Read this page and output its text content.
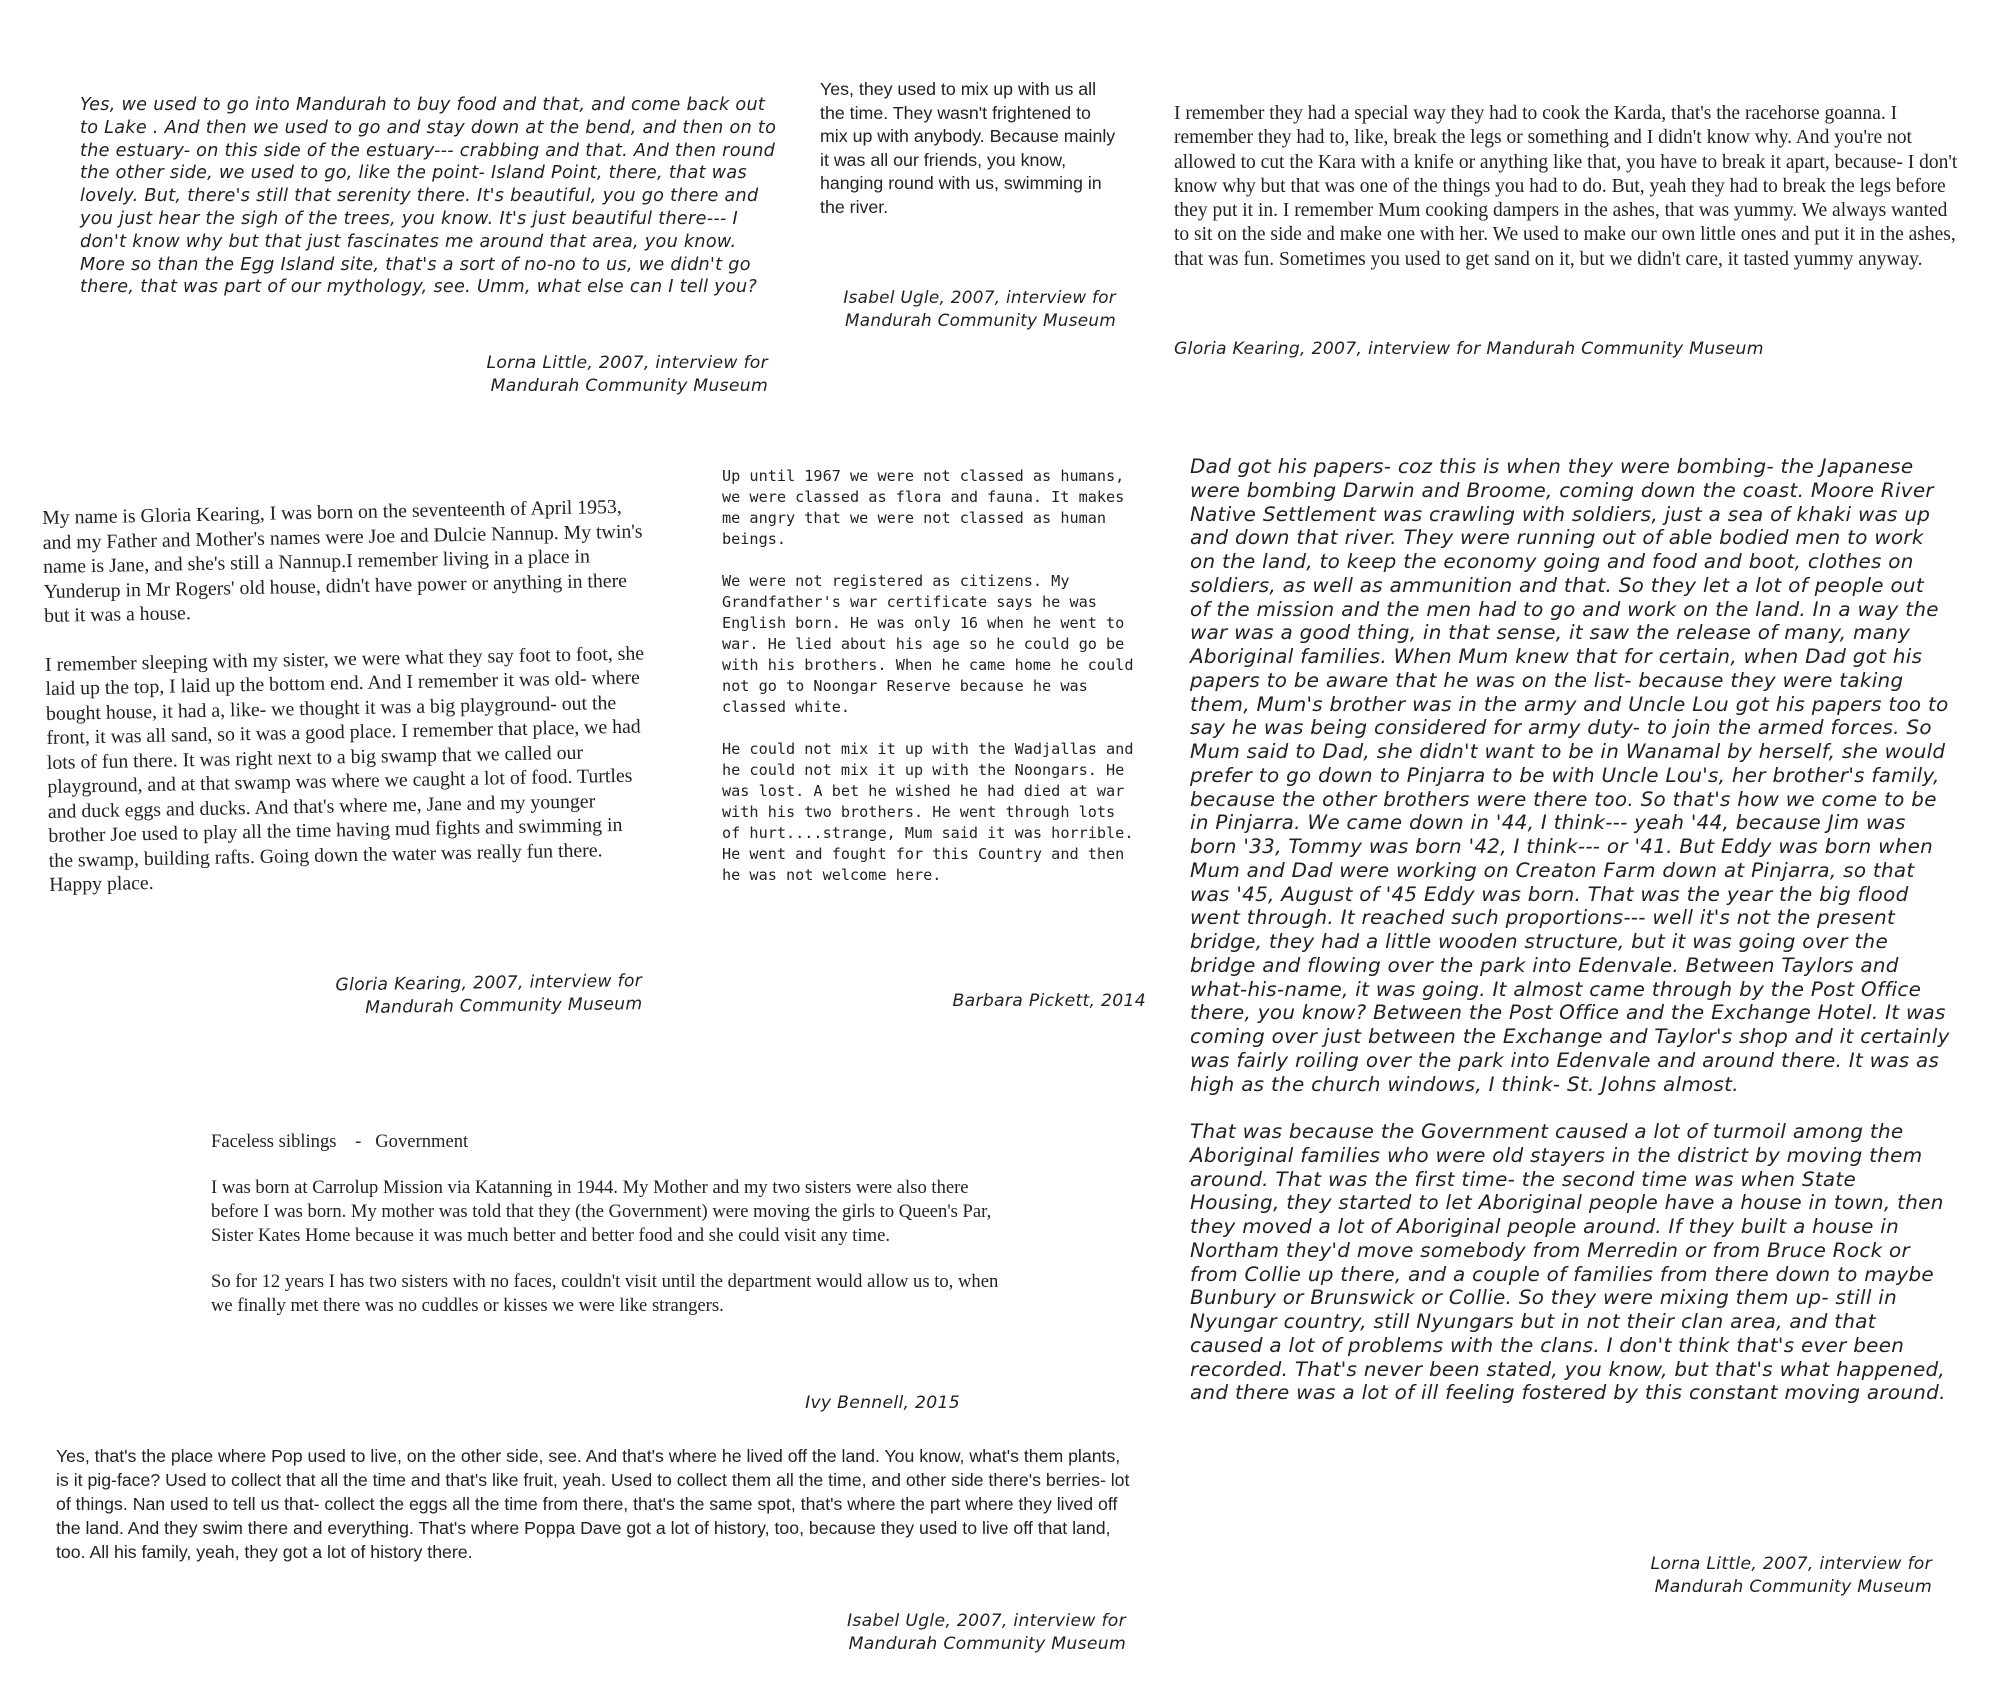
Yes, we used to go into Mandurah to buy food and that, and come back out to Lake . And then we used to go and stay down at the bend, and then on to the estuary- on this side of the estuary--- crabbing and that. And then round the other side, we used to go, like the point- Island Point, there, that was lovely. But, there's still that serenity there. It's beautiful, you go there and you just hear the sigh of the trees, you know. It's just beautiful there--- I don't know why but that just fascinates me around that area, you know. More so than the Egg Island site, that's a sort of no-no to us, we didn't go there, that was part of our mythology, see. Umm, what else can I tell you?

Lorna Little, 2007, interview for
Mandurah Community Museum

Yes, they used to mix up with us all the time. They wasn't frightened to mix up with anybody. Because mainly it was all our friends, you know, hanging round with us, swimming in the river.

Isabel Ugle, 2007, interview for
Mandurah Community Museum

I remember they had a special way they had to cook the Karda, that's the racehorse goanna. I remember they had to, like, break the legs or something and I didn't know why. And you're not allowed to cut the Kara with a knife or anything like that, you have to break it apart, because- I don't know why but that was one of the things you had to do. But, yeah they had to break the legs before they put it in. I remember Mum cooking dampers in the ashes, that was yummy. We always wanted to sit on the side and make one with her. We used to make our own little ones and put it in the ashes, that was fun. Sometimes you used to get sand on it, but we didn't care, it tasted yummy anyway.

Gloria Kearing, 2007, interview for Mandurah Community Museum

My name is Gloria Kearing, I was born on the seventeenth of April 1953, and my Father and Mother's names were Joe and Dulcie Nannup. My twin's name is Jane, and she's still a Nannup.I remember living in a place in Yunderup in Mr Rogers' old house, didn't have power or anything in there but it was a house.

I remember sleeping with my sister, we were what they say foot to foot, she laid up the top, I laid up the bottom end. And I remember it was old- where bought house, it had a, like- we thought it was a big playground- out the front, it was all sand, so it was a good place. I remember that place, we had lots of fun there. It was right next to a big swamp that we called our playground, and at that swamp was where we caught a lot of food. Turtles and duck eggs and ducks. And that's where me, Jane and my younger brother Joe used to play all the time having mud fights and swimming in the swamp, building rafts. Going down the water was really fun there. Happy place.

Gloria Kearing, 2007, interview for
Mandurah Community Museum

Up until 1967 we were not classed as humans, we were classed as flora and fauna. It makes me angry that we were not classed as human beings.

We were not registered as citizens. My Grandfather's war certificate says he was English born. He was only 16 when he went to war. He lied about his age so he could go be with his brothers. When he came home he could not go to Noongar Reserve because he was classed white.

He could not mix it up with the Wadjallas and he could not mix it up with the Noongars. He was lost. A bet he wished he had died at war with his two brothers. He went through lots of hurt....strange, Mum said it was horrible. He went and fought for this Country and then he was not welcome here.

Barbara Pickett, 2014

Dad got his papers- coz this is when they were bombing- the Japanese were bombing Darwin and Broome, coming down the coast. Moore River Native Settlement was crawling with soldiers, just a sea of khaki was up and down that river. They were running out of able bodied men to work on the land, to keep the economy going and food and boot, clothes on soldiers, as well as ammunition and that. So they let a lot of people out of the mission and the men had to go and work on the land. In a way the war was a good thing, in that sense, it saw the release of many, many Aboriginal families. When Mum knew that for certain, when Dad got his papers to be aware that he was on the list- because they were taking them, Mum's brother was in the army and Uncle Lou got his papers too to say he was being considered for army duty- to join the armed forces. So Mum said to Dad, she didn't want to be in Wanamal by herself, she would prefer to go down to Pinjarra to be with Uncle Lou's, her brother's family, because the other brothers were there too. So that's how we come to be in Pinjarra. We came down in '44, I think--- yeah '44, because Jim was born '33, Tommy was born '42, I think--- or '41. But Eddy was born when Mum and Dad were working on Creaton Farm down at Pinjarra, so that was '45, August of '45 Eddy was born. That was the year the big flood went through. It reached such proportions--- well it's not the present bridge, they had a little wooden structure, but it was going over the bridge and flowing over the park into Edenvale. Between Taylors and what-his-name, it was going. It almost came through by the Post Office there, you know? Between the Post Office and the Exchange Hotel. It was coming over just between the Exchange and Taylor's shop and it certainly was fairly roiling over the park into Edenvale and around there. It was as high as the church windows, I think- St. Johns almost.

That was because the Government caused a lot of turmoil among the Aboriginal families who were old stayers in the district by moving them around. That was the first time- the second time was when State Housing, they started to let Aboriginal people have a house in town, then they moved a lot of Aboriginal people around. If they built a house in Northam they'd move somebody from Merredin or from Bruce Rock or from Collie up there, and a couple of families from there down to maybe Bunbury or Brunswick or Collie. So they were mixing them up- still in Nyungar country, still Nyungars but in not their clan area, and that caused a lot of problems with the clans. I don't think that's ever been recorded. That's never been stated, you know, but that's what happened, and there was a lot of ill feeling fostered by this constant moving around.

Lorna Little, 2007, interview for
Mandurah Community Museum
Faceless siblings    -   Government

I was born at Carrolup Mission via Katanning in 1944. My Mother and my two sisters were also there before I was born. My mother was told that they (the Government) were moving the girls to Queen's Par, Sister Kates Home because it was much better and better food and she could visit any time.

So for 12 years I has two sisters with no faces, couldn't visit until the department would allow us to, when we finally met there was no cuddles or kisses we were like strangers.

Ivy Bennell, 2015

Yes, that's the place where Pop used to live, on the other side, see. And that's where he lived off the land. You know, what's them plants, is it pig-face? Used to collect that all the time and that's like fruit, yeah. Used to collect them all the time, and other side there's berries- lot of things. Nan used to tell us that- collect the eggs all the time from there, that's the same spot, that's where the part where they lived off the land. And they swim there and everything. That's where Poppa Dave got a lot of history, too, because they used to live off that land, too. All his family, yeah, they got a lot of history there.

Isabel Ugle, 2007, interview for
Mandurah Community Museum
